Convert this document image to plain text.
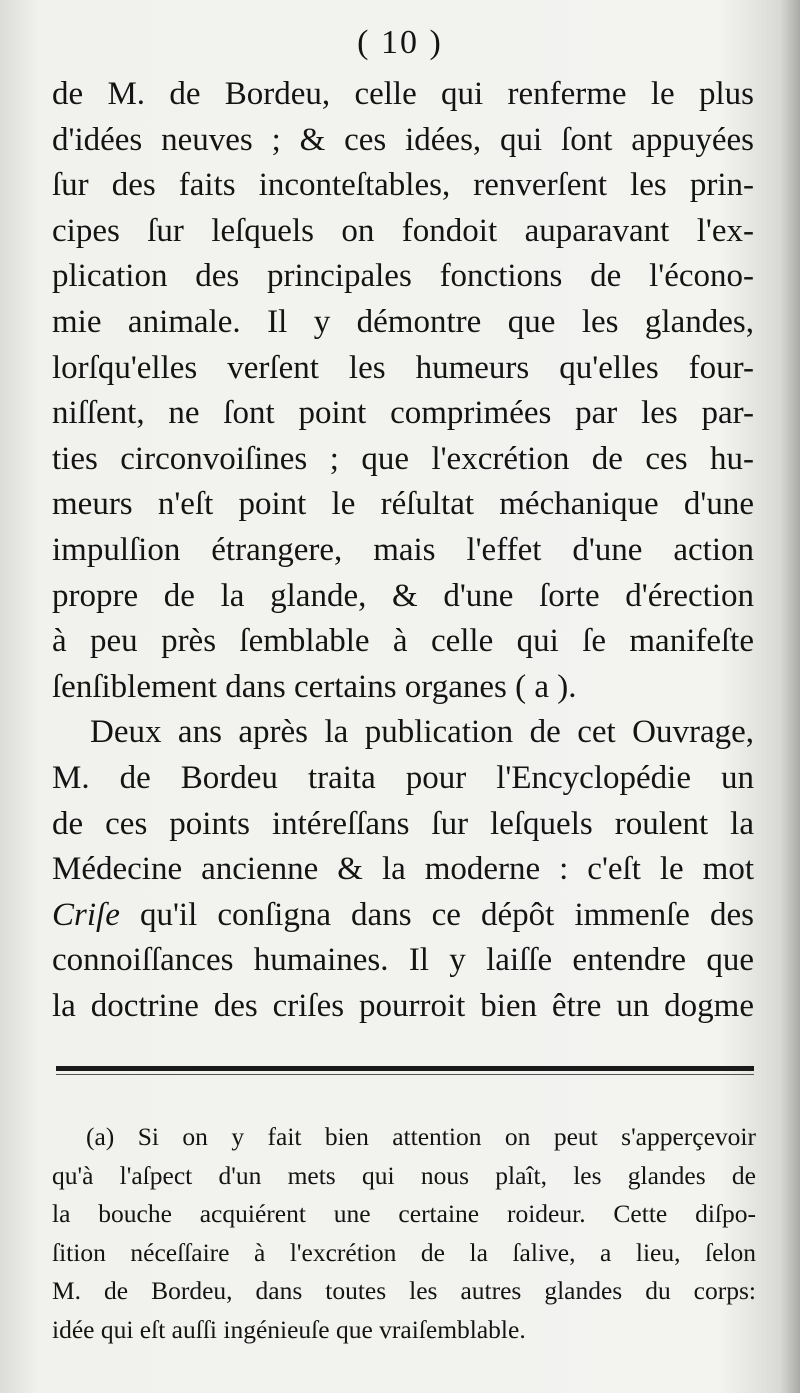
( 10 )
de M. de Bordeu, celle qui renferme le plus
d'idées neuves ; & ces idées, qui ſont appuyées
ſur des faits inconteſtables, renverſent les prin-
cipes ſur leſquels on fondoit auparavant l'ex-
plication des principales fonctions de l'écono-
mie animale. Il y démontre que les glandes,
lorſqu'elles verſent les humeurs qu'elles four-
niſſent, ne ſont point comprimées par les par-
ties circonvoiſines ; que l'excrétion de ces hu-
meurs n'eſt point le réſultat méchanique d'une
impulſion étrangere, mais l'effet d'une action
propre de la glande, & d'une ſorte d'érection
à peu près ſemblable à celle qui ſe manifeſte
ſenſiblement dans certains organes ( a ).
Deux ans après la publication de cet Ouvrage,
M. de Bordeu traita pour l'Encyclopédie un
de ces points intéreſſans ſur leſquels roulent la
Médecine ancienne & la moderne : c'eſt le mot
Criſe qu'il conſigna dans ce dépôt immenſe des
connoiſſances humaines. Il y laiſſe entendre que
la doctrine des criſes pourroit bien être un dogme
(a) Si on y fait bien attention on peut s'apperçevoir
qu'à l'aſpect d'un mets qui nous plaît, les glandes de
la bouche acquiérent une certaine roideur. Cette diſpo-
ſition néceſſaire à l'excrétion de la ſalive, a lieu, ſelon
M. de Bordeu, dans toutes les autres glandes du corps:
idée qui eſt auſſi ingénieuſe que vraiſemblable.
